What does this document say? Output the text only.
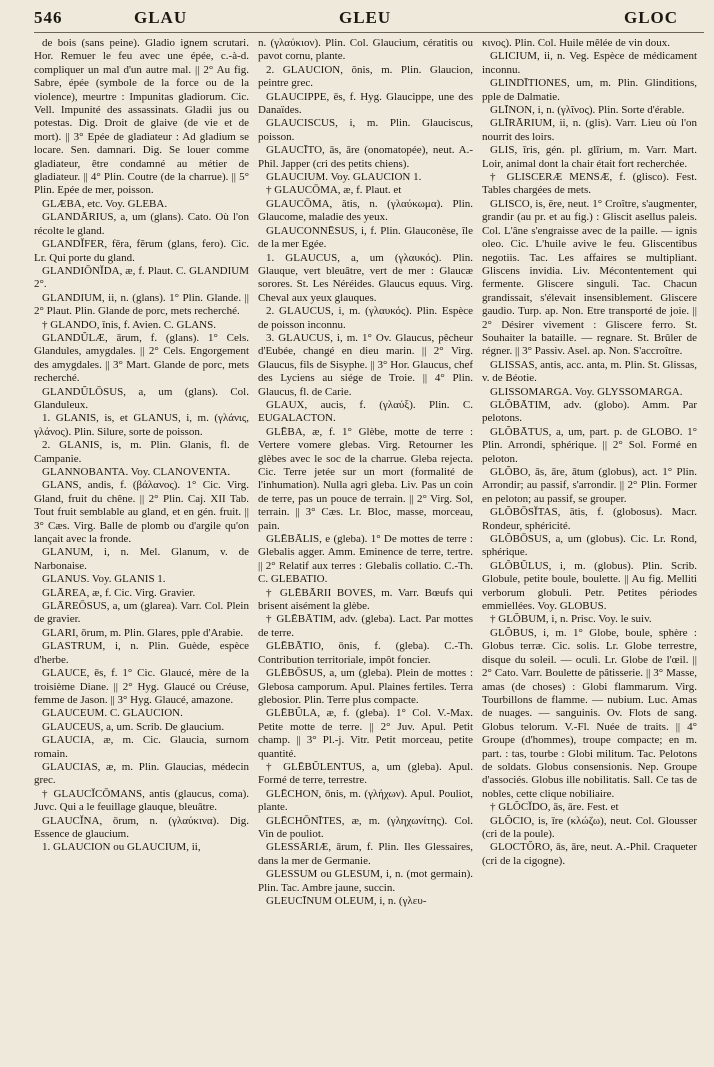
546	GLAU	GLEU	GLOC

de bois (sans peine). Gladio ignem scrutari. Hor. Remuer le feu avec une épée, c.-à-d. compliquer un mal d'un autre mal. || 2° Au fig. Sabre, épée (symbole de la force ou de la violence), meurtre : Impunitas gladiorum. Cic. Vell. Impunité des assassinats. Gladii jus ou potestas. Dig. Droit de glaive (de vie et de mort). || 3° Epée de gladiateur : Ad gladium se locare. Sen. damnari. Dig. Se louer comme gladiateur, être condamné au métier de gladiateur. || 4° Plin. Coutre (de la charrue). || 5° Plin. Epée de mer, poisson.

GLÆBA, etc. Voy. GLEBA.

GLANDĀRIUS, a, um (glans). Cato. Où l'on récolte le gland.

GLANDĬFER, fĕra, fĕrum (glans, fero). Cic. Lr. Qui porte du gland.

GLANDIŌNĬDA, æ, f. Plaut. C. GLANDIUM 2°.

GLANDIUM, ii, n. (glans). 1° Plin. Glande. || 2° Plaut. Plin. Glande de porc, mets recherché.

† GLANDO, ĭnis, f. Avien. C. GLANS.

GLANDŬLÆ, ārum, f. (glans). 1° Cels. Glandules, amygdales. || 2° Cels. Engorgement des amygdales. || 3° Mart. Glande de porc, mets recherché.

GLANDŬLŌSUS, a, um (glans). Col. Glanduleux.

1. GLANIS, is, et GLANUS, i, m. (γλάνις, γλάνος). Plin. Silure, sorte de poisson.

2. GLANIS, is, m. Plin. Glanis, fl. de Campanie.

GLANNOBANTA. Voy. CLANOVENTA.

GLANS, andis, f. (βάλανος). 1° Cic. Virg. Gland, fruit du chêne. || 2° Plin. Caj. XII Tab. Tout fruit semblable au gland, et en gén. fruit. || 3° Cæs. Virg. Balle de plomb ou d'argile qu'on lançait avec la fronde.

GLANUM, i, n. Mel. Glanum, v. de Narbonaise.

GLANUS. Voy. GLANIS 1.

GLĀREA, æ, f. Cic. Virg. Gravier.

GLĀREŌSUS, a, um (glarea). Varr. Col. Plein de gravier.

GLARI, ōrum, m. Plin. Glares, pple d'Arabie.

GLASTRUM, i, n. Plin. Guède, espèce d'herbe.

GLAUCE, ēs, f. 1° Cic. Glaucé, mère de la troisième Diane. || 2° Hyg. Glaucé ou Créuse, femme de Jason. || 3° Hyg. Glaucé, amazone.

GLAUCEUM. C. GLAUCION.

GLAUCEUS, a, um. Scrib. De glaucium.

GLAUCIA, æ, m. Cic. Glaucia, surnom romain.

GLAUCIAS, æ, m. Plin. Glaucias, médecin grec.

† GLAUCĬCŌMANS, antis (glaucus, coma). Juvc. Qui a le feuillage glauque, bleuâtre.

GLAUCĬNA, ōrum, n. (γλαύκινα). Dig. Essence de glaucium.

1. GLAUCION ou GLAUCIUM, ii,

n. (γλαύκιον). Plin. Col. Glaucium, cératitis ou pavot cornu, plante.

2. GLAUCION, ŏnis, m. Plin. Glaucion, peintre grec.

GLAUCIPPE, ēs, f. Hyg. Glaucippe, une des Danaïdes.

GLAUCISCUS, i, m. Plin. Glauciscus, poisson.

GLAUCĪTO, ās, āre (onomatopée), neut. A.-Phil. Japper (cri des petits chiens).

GLAUCIUM. Voy. GLAUCION 1.

† GLAUCŌMA, æ, f. Plaut. et

GLAUCŌMA, ătis, n. (γλαύκωμα). Plin. Glaucome, maladie des yeux.

GLAUCONNĒSUS, i, f. Plin. Glauconèse, île de la mer Egée.

1. GLAUCUS, a, um (γλαυκός). Plin. Glauque, vert bleuâtre, vert de mer : Glaucæ sorores. St. Les Néréides. Glaucus equus. Virg. Cheval aux yeux glauques.

2. GLAUCUS, i, m. (γλαυκός). Plin. Espèce de poisson inconnu.

3. GLAUCUS, i, m. 1° Ov. Glaucus, pêcheur d'Eubée, changé en dieu marin. || 2° Virg. Glaucus, fils de Sisyphe. || 3° Hor. Glaucus, chef des Lyciens au siége de Troie. || 4° Plin. Glaucus, fl. de Carie.

GLAUX, aucis, f. (γλαύξ). Plin. C. EUGALACTON.

GLĒBA, æ, f. 1° Glèbe, motte de terre : Vertere vomere glebas. Virg. Retourner les glèbes avec le soc de la charrue. Gleba rejecta. Cic. Terre jetée sur un mort (formalité de l'inhumation). Nulla agri gleba. Liv. Pas un coin de terre, pas un pouce de terrain. || 2° Virg. Sol, terrain. || 3° Cæs. Lr. Bloc, masse, morceau, pain.

GLĒBĀLIS, e (gleba). 1° De mottes de terre : Glebalis agger. Amm. Eminence de terre, tertre. || 2° Relatif aux terres : Glebalis collatio. C.-Th. C. GLEBATIO.

† GLĒBĀRII BOVES, m. Varr. Bœufs qui brisent aisément la glèbe.

† GLĒBĀTIM, adv. (gleba). Lact. Par mottes de terre.

GLĒBĀTIO, ōnis, f. (gleba). C.-Th. Contribution territoriale, impôt foncier.

GLĒBŌSUS, a, um (gleba). Plein de mottes : Glebosa camporum. Apul. Plaines fertiles. Terra glebosior. Plin. Terre plus compacte.

GLĒBŬLA, æ, f. (gleba). 1° Col. V.-Max. Petite motte de terre. || 2° Juv. Apul. Petit champ. || 3° Pl.-j. Vitr. Petit morceau, petite quantité.

† GLĒBŬLENTUS, a, um (gleba). Apul. Formé de terre, terrestre.

GLĒCHON, ōnis, m. (γλήχων). Apul. Pouliot, plante.

GLĒCHŌNĪTES, æ, m. (γληχωνίτης). Col. Vin de pouliot.

GLESSĀRIÆ, ārum, f. Plin. Iles Glessaires, dans la mer de Germanie.

GLESSUM ou GLESUM, i, n. (mot germain). Plin. Tac. Ambre jaune, succin.

GLEUCĪNUM OLEUM, i, n. (γλευ-

κινος). Plin. Col. Huile mêlée de vin doux.

GLICIUM, ii, n. Veg. Espèce de médicament inconnu.

GLINDĪTIONES, um, m. Plin. Glinditions, pple de Dalmatie.

GLĪNON, i, n. (γλῖνος). Plin. Sorte d'érable.

GLĪRĀRIUM, ii, n. (glis). Varr. Lieu où l'on nourrit des loirs.

GLIS, īris, gén. pl. glīrium, m. Varr. Mart. Loir, animal dont la chair était fort recherchée.

† GLISCERÆ MENSÆ, f. (glisco). Fest. Tables chargées de mets.

GLISCO, is, ĕre, neut. 1° Croître, s'augmenter, grandir (au pr. et au fig.) : Gliscit asellus paleis. Col. L'âne s'engraisse avec de la paille. — ignis oleo. Cic. L'huile avive le feu. Gliscentibus negotiis. Tac. Les affaires se multipliant. Gliscens invidia. Liv. Mécontentement qui fermente. Gliscere singuli. Tac. Chacun grandissait, s'élevait insensiblement. Gliscere gaudio. Turp. ap. Non. Etre transporté de joie. || 2° Désirer vivement : Gliscere ferro. St. Souhaiter la bataille. — regnare. St. Brûler de régner. || 3° Passiv. Asel. ap. Non. S'accroître.

GLISSAS, antis, acc. anta, m. Plin. St. Glissas, v. de Béotie.

GLISSOMARGA. Voy. GLYSSOMARGA.

GLŎBĀTIM, adv. (globo). Amm. Par pelotons.

GLŎBĀTUS, a, um, part. p. de GLOBO. 1° Plin. Arrondi, sphérique. || 2° Sol. Formé en peloton.

GLŎBO, ās, āre, ātum (globus), act. 1° Plin. Arrondir; au passif, s'arrondir. || 2° Plin. Former en peloton; au passif, se grouper.

GLŎBŌSĬTAS, ātis, f. (globosus). Macr. Rondeur, sphéricité.

GLŎBŌSUS, a, um (globus). Cic. Lr. Rond, sphérique.

GLŎBŬLUS, i, m. (globus). Plin. Scrib. Globule, petite boule, boulette. || Au fig. Melliti verborum globuli. Petr. Petites périodes emmiellées. Voy. GLOBUS.

† GLŎBUM, i, n. Prisc. Voy. le suiv.

GLŎBUS, i, m. 1° Globe, boule, sphère : Globus terræ. Cic. solis. Lr. Globe terrestre, disque du soleil. — oculi. Lr. Globe de l'œil. || 2° Cato. Varr. Boulette de pâtisserie. || 3° Masse, amas (de choses) : Globi flammarum. Virg. Tourbillons de flamme. — nubium. Luc. Amas de nuages. — sanguinis. Ov. Flots de sang. Globus telorum. V.-Fl. Nuée de traits. || 4° Groupe (d'hommes), troupe compacte; en m. part. : tas, tourbe : Globi militum. Tac. Pelotons de soldats. Globus consensionis. Nep. Groupe d'associés. Globus ille nobilitatis. Sall. Ce tas de nobles, cette clique nobiliaire.

† GLŎCĬDO, ās, āre. Fest. et

GLŎCIO, is, īre (κλώζω), neut. Col. Glousser (cri de la poule).

GLOCTŎRO, ās, āre, neut. A.-Phil. Craqueter (cri de la cigogne).
